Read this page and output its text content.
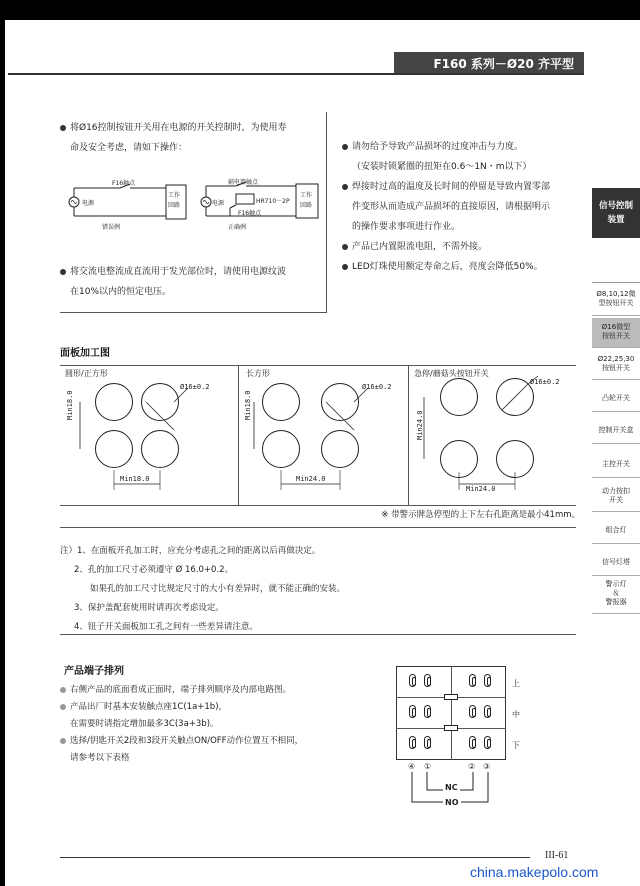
F160 系列－Ø20 齐平型
将Ø16控制按钮开关用在电源的开关控制时，为使用寿
命及安全考虑，请如下操作：
电源
F16触点
工作
回路
错误例
辅电器触点
电源	HR710－2P
F16触点
工作
回路
正确例
将交流电整流成直流用于发光部位时，请使用电源纹波
在10%以内的恒定电压。
请勿给予导致产品损坏的过度冲击与力度。
（安装时锁紧圈的扭矩在0.6～1N・m以下）
焊接时过高的温度及长时间的停留是导致内置零部
件变形从而造成产品损坏的直接原因，请根据明示
的操作要求事项进行作业。
产品已内置限流电阻，不需外接。
LED灯珠使用额定寿命之后，亮度会降低50%。
面板加工图
圆形/正方形
Ø16±0.2
Min18.0
Min18.0
长方形
Ø16±0.2
Min18.0
Min24.0
急停/蘑菇头按钮开关
Ø16±0.2
Min24.0
Min24.0
※ 带警示牌急停型的上下左右孔距离是最小41mm。
注）1、在面板开孔加工时，应充分考虑孔之间的距离以后再做决定。
2、孔的加工尺寸必须遵守 Ø 16.0+0.2。
如果孔的加工尺寸比规定尺寸的大小有差异时，就不能正确的安装。
3、保护盖配套使用时请再次考虑设定。
4、钮子开关面板加工孔之间有一些差异请注意。
产品端子排列
右侧产品的底面看成正面时，端子排列顺序及内部电路图。
产品出厂时基本安装触点座1C(1a+1b)，
在需要时请指定增加最多3C(3a+3b)。
选择/钥匙开关2段和3段开关触点ON/OFF动作位置互不相同，
请参考以下表格
上
中
下
④ ①	② ③
NC
NO
信号控制
装置
Ø8,10,12微
型按钮开关
Ø16微型
按钮开关
Ø22,25,30
按钮开关
凸轮开关
控制开关盒
主控开关
动力按扣
开关
组合灯
信号灯塔
警示灯
＆
警报器
III-61
china.makepolo.com
